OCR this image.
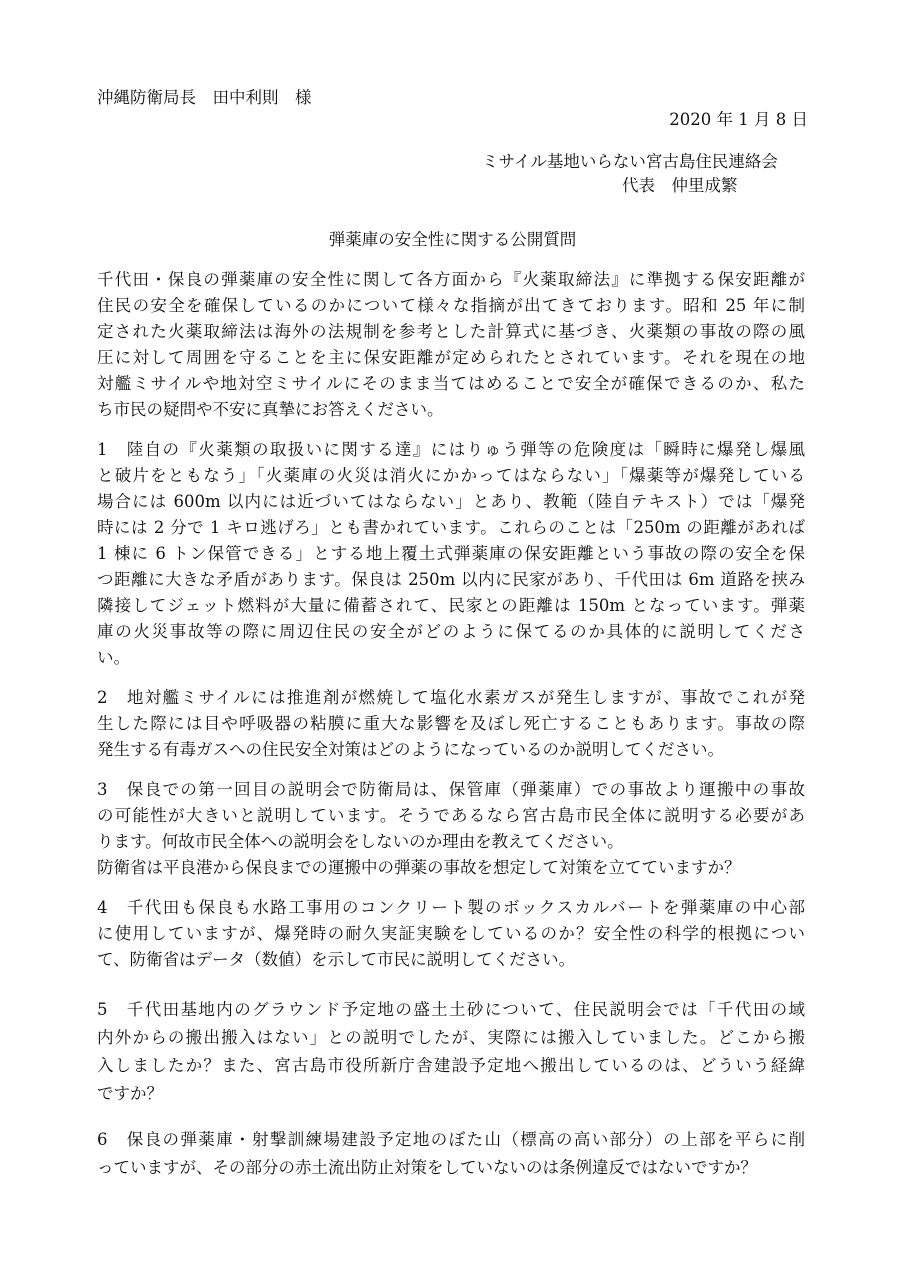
沖縄防衛局長　田中利則　様

2020 年 1 月 8 日

ミサイル基地いらない宮古島住民連絡会

代表　仲里成繁

弾薬庫の安全性に関する公開質問

千代田・保良の弾薬庫の安全性に関して各方面から『火薬取締法』に準拠する保安距離が

住民の安全を確保しているのかについて様々な指摘が出てきております。昭和 25 年に制

定された火薬取締法は海外の法規制を参考とした計算式に基づき、火薬類の事故の際の風

圧に対して周囲を守ることを主に保安距離が定められたとされています。それを現在の地

対艦ミサイルや地対空ミサイルにそのまま当てはめることで安全が確保できるのか、私た

ち市民の疑問や不安に真摯にお答えください。

1　陸自の『火薬類の取扱いに関する達』にはりゅう弾等の危険度は「瞬時に爆発し爆風

と破片をともなう」「火薬庫の火災は消火にかかってはならない」「爆薬等が爆発している

場合には 600m 以内には近づいてはならない」とあり、教範（陸自テキスト）では「爆発

時には 2 分で 1 キロ逃げろ」とも書かれています。これらのことは「250m の距離があれば

1 棟に 6 トン保管できる」とする地上覆土式弾薬庫の保安距離という事故の際の安全を保

つ距離に大きな矛盾があります。保良は 250m 以内に民家があり、千代田は 6m 道路を挟み

隣接してジェット燃料が大量に備蓄されて、民家との距離は 150m となっています。弾薬

庫の火災事故等の際に周辺住民の安全がどのように保てるのか具体的に説明してくださ

い。

2　地対艦ミサイルには推進剤が燃焼して塩化水素ガスが発生しますが、事故でこれが発

生した際には目や呼吸器の粘膜に重大な影響を及ぼし死亡することもあります。事故の際

発生する有毒ガスへの住民安全対策はどのようになっているのか説明してください。

3　保良での第一回目の説明会で防衛局は、保管庫（弾薬庫）での事故より運搬中の事故

の可能性が大きいと説明しています。そうであるなら宮古島市民全体に説明する必要があ

ります。何故市民全体への説明会をしないのか理由を教えてください。

防衛省は平良港から保良までの運搬中の弾薬の事故を想定して対策を立てていますか？

4　千代田も保良も水路工事用のコンクリート製のボックスカルバートを弾薬庫の中心部

に使用していますが、爆発時の耐久実証実験をしているのか？安全性の科学的根拠につい

て、防衛省はデータ（数値）を示して市民に説明してください。

5　千代田基地内のグラウンド予定地の盛土土砂について、住民説明会では「千代田の域

内外からの搬出搬入はない」との説明でしたが、実際には搬入していました。どこから搬

入しましたか？また、宮古島市役所新庁舎建設予定地へ搬出しているのは、どういう経緯

ですか？

6　保良の弾薬庫・射撃訓練場建設予定地のぼた山（標高の高い部分）の上部を平らに削

っていますが、その部分の赤土流出防止対策をしていないのは条例違反ではないですか？
